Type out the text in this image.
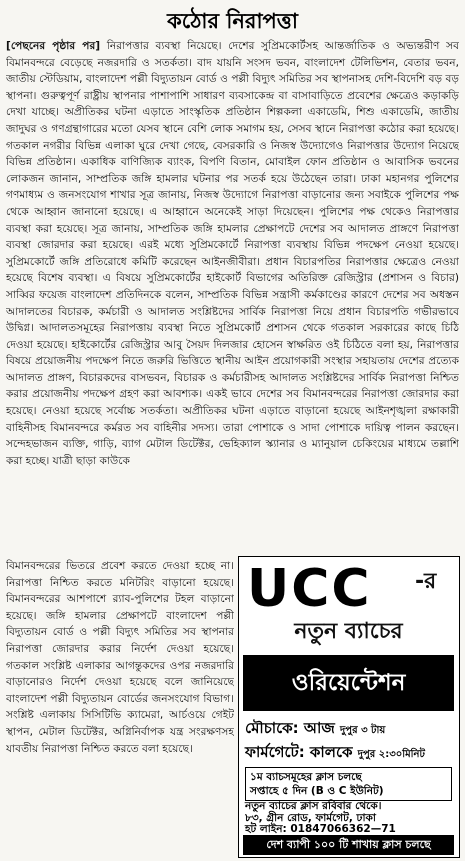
কঠোর নিরাপত্তা
[পেছনের পৃষ্ঠার পর] নিরাপত্তার ব্যবস্থা নিয়েছে। দেশের সুপ্রিমকোর্টসহ আন্তর্জাতিক ও অভ্যন্তরীণ সব বিমানবন্দরে বেড়েছে নজরদারি ও সতর্কতা। বাদ যায়নি সংসদ ভবন, বাংলাদেশ টেলিভিশন, বেতার ভবন, জাতীয় স্টেডিয়াম, বাংলাদেশ পল্লী বিদ্যুতায়ন বোর্ড ও পল্লী বিদ্যুৎ সমিতির সব স্থাপনাসহ দেশি-বিদেশি বড় বড় স্থাপনা। গুরুত্বপূর্ণ রাষ্ট্রীয় স্থাপনার পাশাপাশি সাধারণ ব্যবসাকেন্দ্র বা বাসাবাড়িতে প্রবেশের ক্ষেত্রেও কড়াকড়ি দেখা যাচ্ছে। অপ্রীতিকর ঘটনা এড়াতে সাংস্কৃতিক প্রতিষ্ঠান শিল্পকলা একাডেমি, শিশু একাডেমি, জাতীয় জাদুঘর ও গণগ্রন্থাগারের মতো যেসব স্থানে বেশি লোক সমাগম হয়, সেসব স্থানে নিরাপত্তা কঠোর করা হয়েছে। গতকাল নগরীর বিভিন্ন এলাকা ঘুরে দেখা গেছে, বেসরকারি ও নিজস্ব উদ্যোগেও নিরাপত্তার উদ্যোগ নিয়েছে বিভিন্ন প্রতিষ্ঠান। একাধিক বাণিজ্যিক ব্যাংক, বিপণি বিতান, মোবাইল ফোন প্রতিষ্ঠান ও আবাসিক ভবনের লোকজন জানান, সাম্প্রতিক জঙ্গি হামলার ঘটনার পর সতর্ক হয়ে উঠেছেন তারা। ঢাকা মহানগর পুলিশের গণমাধ্যম ও জনসংযোগ শাখার সূত্র জানায়, নিজস্ব উদ্যোগে নিরাপত্তা বাড়ানোর জন্য সবাইকে পুলিশের পক্ষ থেকে আহ্বান জানানো হয়েছে। এ আহ্বানে অনেকেই সাড়া দিয়েছেন। পুলিশের পক্ষ থেকেও নিরাপত্তার ব্যবস্থা করা হয়েছে। সূত্র জানায়, সাম্প্রতিক জঙ্গি হামলার প্রেক্ষাপটে দেশের সব আদালত প্রাঙ্গণে নিরাপত্তা ব্যবস্থা জোরদার করা হয়েছে। এরই মধ্যে সুপ্রিমকোর্টে নিরাপত্তা ব্যবস্থায় বিভিন্ন পদক্ষেপ নেওয়া হয়েছে। সুপ্রিমকোর্টে জঙ্গি প্রতিরোধে কমিটি করেছেন আইনজীবীরা। প্রধান বিচারপতির নিরাপত্তার ক্ষেত্রেও নেওয়া হয়েছে বিশেষ ব্যবস্থা। এ বিষয়ে সুপ্রিমকোর্টের হাইকোর্ট বিভাগের অতিরিক্ত রেজিস্ট্রার (প্রশাসন ও বিচার) সাব্বির ফয়েজ বাংলাদেশ প্রতিদিনকে বলেন, সাম্প্রতিক বিভিন্ন সন্ত্রাসী কর্মকাণ্ডের কারণে দেশের সব অধস্তন আদালতের বিচারক, কর্মচারী ও আদালত সংশ্লিষ্টদের সার্বিক নিরাপত্তা নিয়ে প্রধান বিচারপতি গভীরভাবে উদ্বিগ্ন। আদালতসমূহের নিরাপত্তায় ব্যবস্থা নিতে সুপ্রিমকোর্ট প্রশাসন থেকে গতকাল সরকারের কাছে চিঠি দেওয়া হয়েছে। হাইকোর্টের রেজিস্ট্রার আবু সৈয়দ দিলজার হোসেন স্বাক্ষরিত ওই চিঠিতে বলা হয়, নিরাপত্তার বিষয়ে প্রয়োজনীয় পদক্ষেপ নিতে জরুরি ভিত্তিতে স্থানীয় আইন প্রয়োগকারী সংস্থার সহায়তায় দেশের প্রত্যেক আদালত প্রাঙ্গণ, বিচারকদের বাসভবন, বিচারক ও কর্মচারীসহ আদালত সংশ্লিষ্টদের সার্বিক নিরাপত্তা নিশ্চিত করার প্রয়োজনীয় পদক্ষেপ গ্রহণ করা আবশ্যক। একই ভাবে দেশের সব বিমানবন্দরের নিরাপত্তা জোরদার করা হয়েছে। নেওয়া হয়েছে সর্বোচ্চ সতর্কতা। অপ্রীতিকর ঘটনা এড়াতে বাড়ানো হয়েছে আইনশৃঙ্খলা রক্ষাকারী বাহিনীসহ বিমানবন্দরে কর্মরত সব বাহিনীর সদস্য। তারা পোশাকে ও সাদা পোশাকে দায়িত্ব পালন করছেন। সন্দেহভাজন ব্যক্তি, গাড়ি, ব্যাগ মেটাল ডিটেক্টর, ভেহিক্যাল স্ক্যানার ও ম্যানুয়াল চেকিংয়ের মাধ্যমে তল্লাশি করা হচ্ছে। যাত্রী ছাড়া কাউকে
বিমানবন্দরের ভিতরে প্রবেশ করতে দেওয়া হচ্ছে না। নিরাপত্তা নিশ্চিত করতে মনিটরিং বাড়ানো হয়েছে। বিমানবন্দরের আশপাশে র‌্যাব-পুলিশের টহল বাড়ানো হয়েছে। জঙ্গি হামলার প্রেক্ষাপটে বাংলাদেশ পল্লী বিদ্যুতায়ন বোর্ড ও পল্লী বিদ্যুৎ সমিতির সব স্থাপনার নিরাপত্তা জোরদার করার নির্দেশ দেওয়া হয়েছে। গতকাল সংশ্লিষ্ট এলাকার আগন্তুকদের ওপর নজরদারি বাড়ানোরও নির্দেশ দেওয়া হয়েছে বলে জানিয়েছে বাংলাদেশ পল্লী বিদ্যুতায়ন বোর্ডের জনসংযোগ বিভাগ। সংশ্লিষ্ট এলাকায় সিসিটিভি ক্যামেরা, আর্চওয়ে গেইট স্থাপন, মেটাল ডিটেক্টর, অগ্নিনির্বাপক যন্ত্র সংরক্ষণসহ যাবতীয় নিরাপত্তা নিশ্চিত করতে বলা হয়েছে।
UCC -র
নতুন ব্যাচের
ওরিয়েন্টেশন
মৌচাকে: আজ দুপুর ৩ টায়
ফার্মগেটে: কালকে দুপুর ২:৩০মিনিট
১ম ব্যাচসমূহের ক্লাস চলছে
সপ্তাহে ৫ দিন (B ও C ইউনিট)
নতুন ব্যাচের ক্লাস রবিবার থেকে।
৮৩, গ্রীন রোড, ফার্মগেট, ঢাকা
হট লাইন: 01847066362—71
দেশ ব্যাপী ১০০ টি শাখায় ক্লাস চলছে
